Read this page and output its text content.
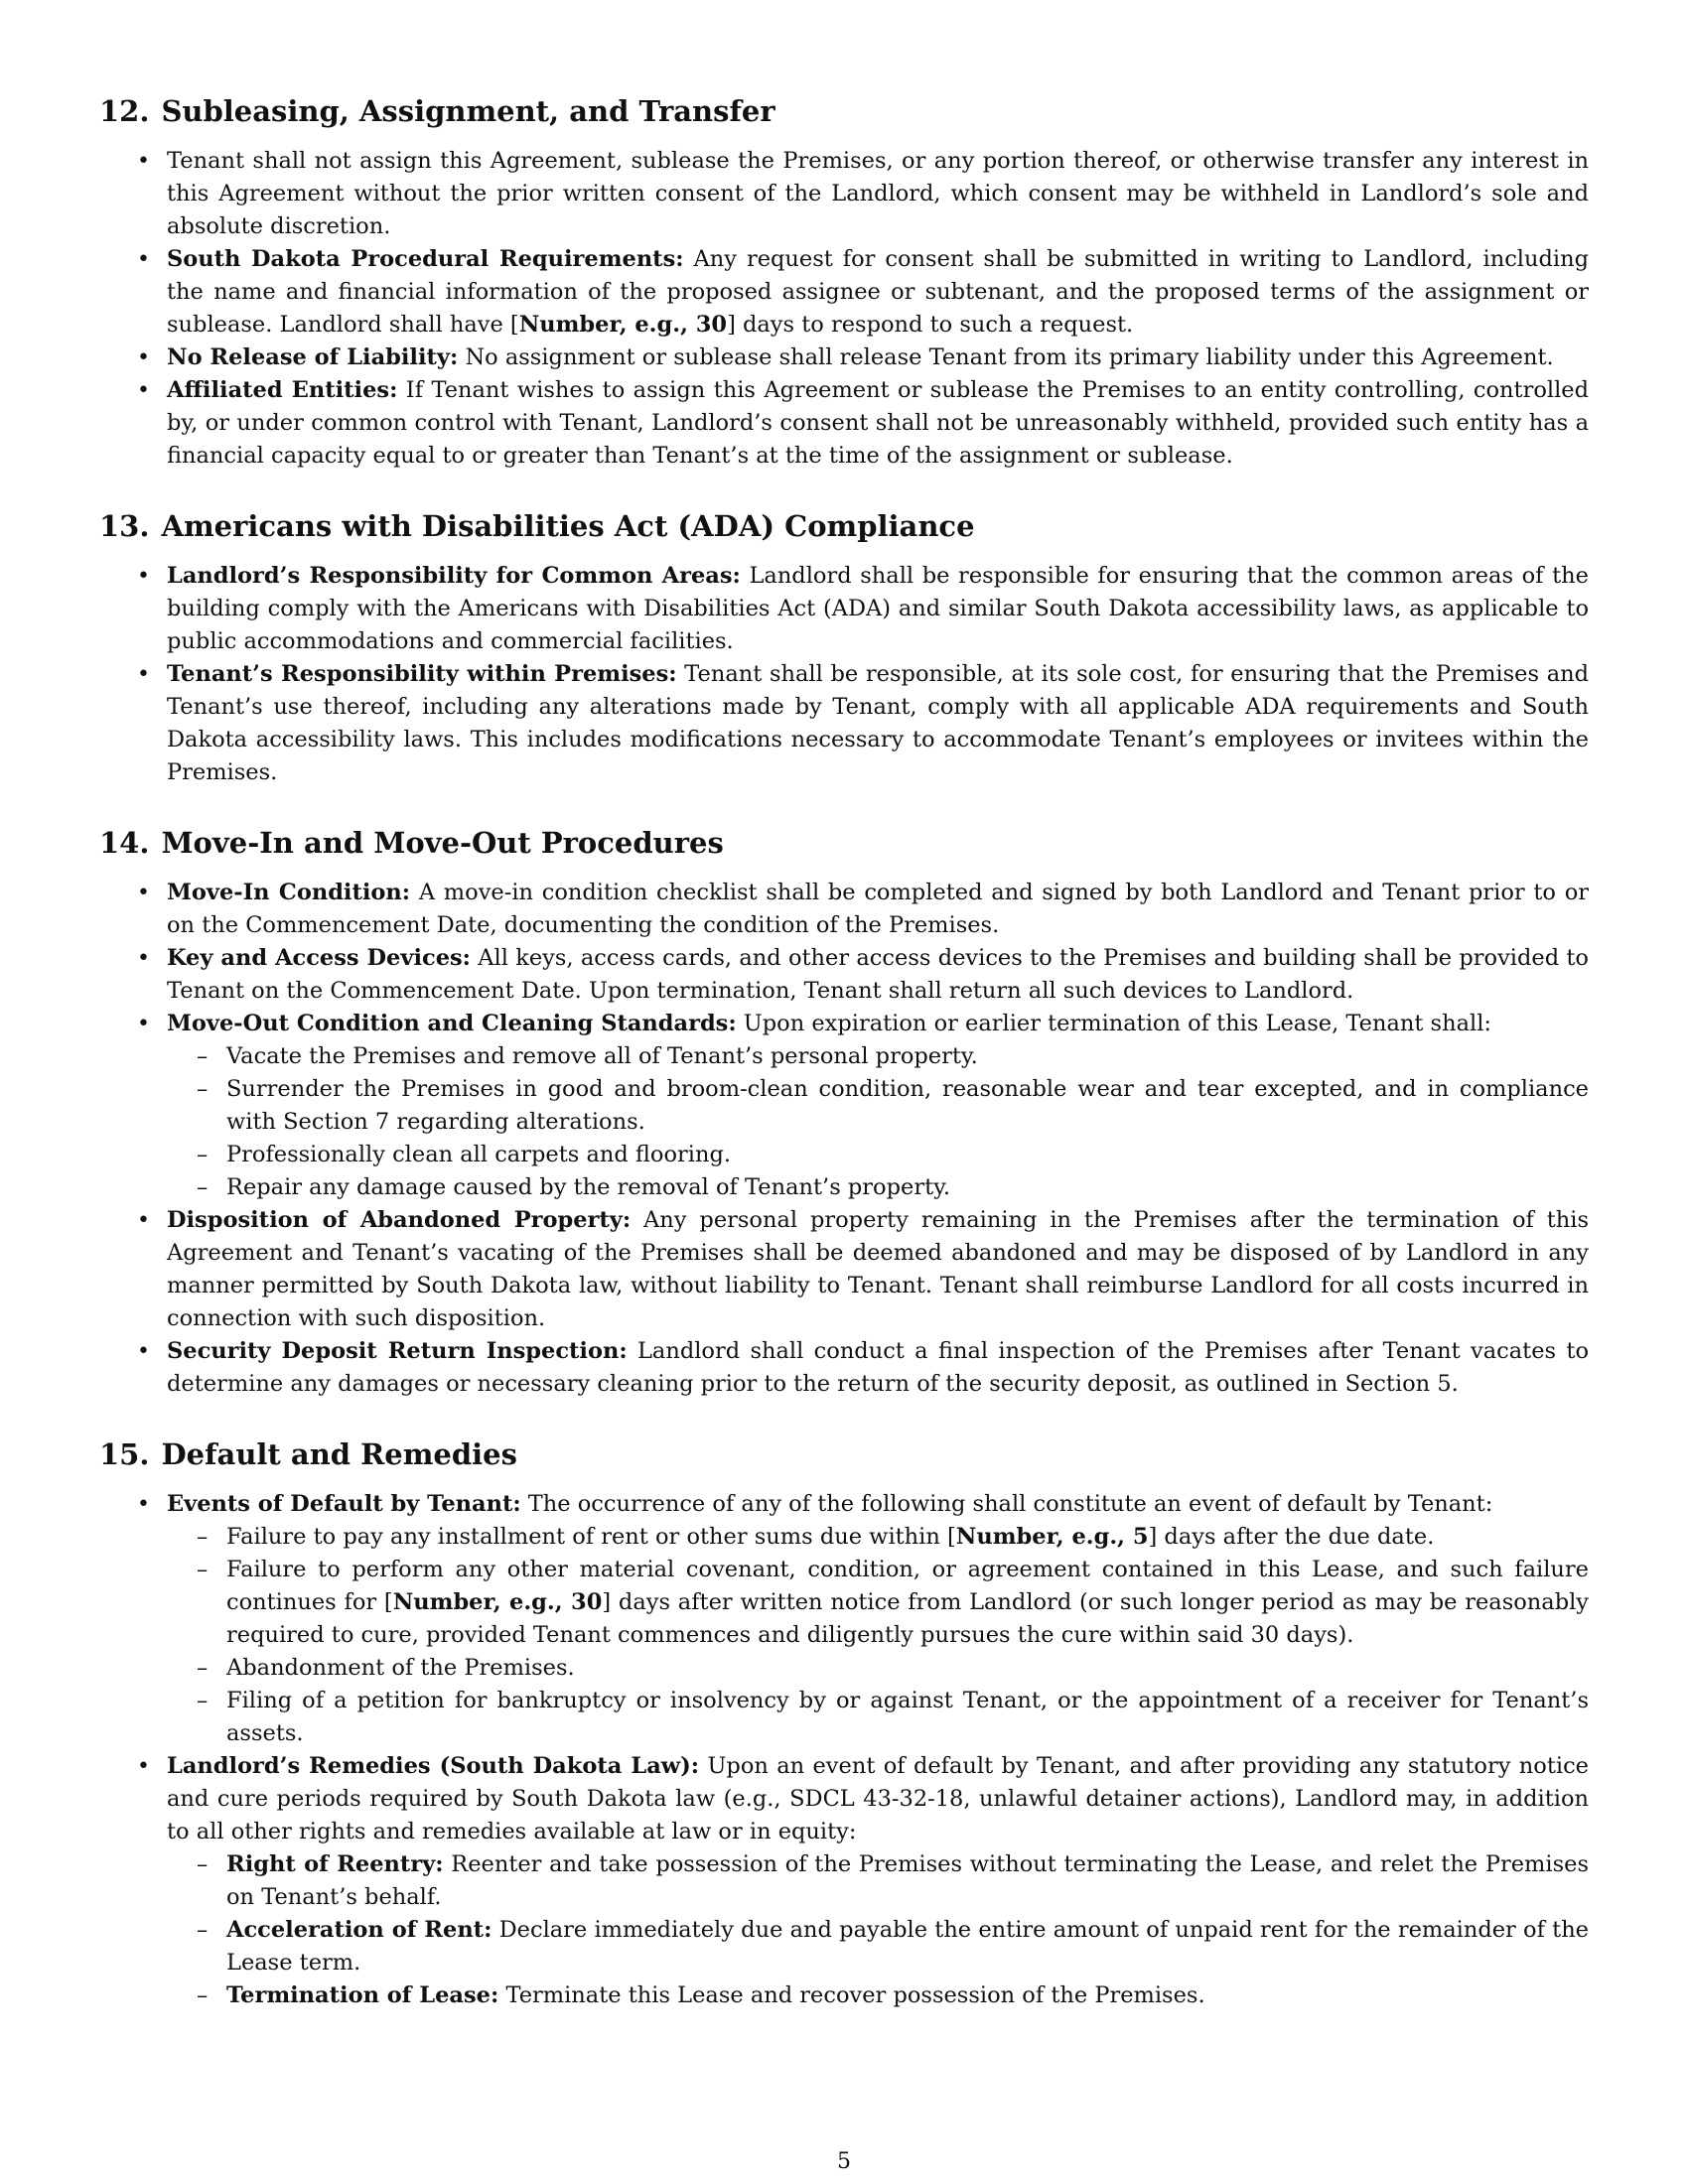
12. Subleasing, Assignment, and Transfer
• Tenant shall not assign this Agreement, sublease the Premises, or any portion thereof, or otherwise transfer any interest in this Agreement without the prior written consent of the Landlord, which consent may be withheld in Landlord’s sole and absolute discretion.
• South Dakota Procedural Requirements: Any request for consent shall be submitted in writing to Landlord, including the name and financial information of the proposed assignee or subtenant, and the proposed terms of the assignment or sublease. Landlord shall have [Number, e.g., 30] days to respond to such a request.
• No Release of Liability: No assignment or sublease shall release Tenant from its primary liability under this Agreement.
• Affiliated Entities: If Tenant wishes to assign this Agreement or sublease the Premises to an entity controlling, controlled by, or under common control with Tenant, Landlord’s consent shall not be unreasonably withheld, provided such entity has a financial capacity equal to or greater than Tenant’s at the time of the assignment or sublease.
13. Americans with Disabilities Act (ADA) Compliance
• Landlord’s Responsibility for Common Areas: Landlord shall be responsible for ensuring that the common areas of the building comply with the Americans with Disabilities Act (ADA) and similar South Dakota accessibility laws, as applicable to public accommodations and commercial facilities.
• Tenant’s Responsibility within Premises: Tenant shall be responsible, at its sole cost, for ensuring that the Premises and Tenant’s use thereof, including any alterations made by Tenant, comply with all applicable ADA requirements and South Dakota accessibility laws. This includes modifications necessary to accommodate Tenant’s employees or invitees within the Premises.
14. Move-In and Move-Out Procedures
• Move-In Condition: A move-in condition checklist shall be completed and signed by both Landlord and Tenant prior to or on the Commencement Date, documenting the condition of the Premises.
• Key and Access Devices: All keys, access cards, and other access devices to the Premises and building shall be provided to Tenant on the Commencement Date. Upon termination, Tenant shall return all such devices to Landlord.
• Move-Out Condition and Cleaning Standards: Upon expiration or earlier termination of this Lease, Tenant shall:
– Vacate the Premises and remove all of Tenant’s personal property.
– Surrender the Premises in good and broom-clean condition, reasonable wear and tear excepted, and in compliance with Section 7 regarding alterations.
– Professionally clean all carpets and flooring.
– Repair any damage caused by the removal of Tenant’s property.
• Disposition of Abandoned Property: Any personal property remaining in the Premises after the termination of this Agreement and Tenant’s vacating of the Premises shall be deemed abandoned and may be disposed of by Landlord in any manner permitted by South Dakota law, without liability to Tenant. Tenant shall reimburse Landlord for all costs incurred in connection with such disposition.
• Security Deposit Return Inspection: Landlord shall conduct a final inspection of the Premises after Tenant vacates to determine any damages or necessary cleaning prior to the return of the security deposit, as outlined in Section 5.
15. Default and Remedies
• Events of Default by Tenant: The occurrence of any of the following shall constitute an event of default by Tenant:
– Failure to pay any installment of rent or other sums due within [Number, e.g., 5] days after the due date.
– Failure to perform any other material covenant, condition, or agreement contained in this Lease, and such failure continues for [Number, e.g., 30] days after written notice from Landlord (or such longer period as may be reasonably required to cure, provided Tenant commences and diligently pursues the cure within said 30 days).
– Abandonment of the Premises.
– Filing of a petition for bankruptcy or insolvency by or against Tenant, or the appointment of a receiver for Tenant’s assets.
• Landlord’s Remedies (South Dakota Law): Upon an event of default by Tenant, and after providing any statutory notice and cure periods required by South Dakota law (e.g., SDCL 43-32-18, unlawful detainer actions), Landlord may, in addition to all other rights and remedies available at law or in equity:
– Right of Reentry: Reenter and take possession of the Premises without terminating the Lease, and relet the Premises on Tenant’s behalf.
– Acceleration of Rent: Declare immediately due and payable the entire amount of unpaid rent for the remainder of the Lease term.
– Termination of Lease: Terminate this Lease and recover possession of the Premises.
5
